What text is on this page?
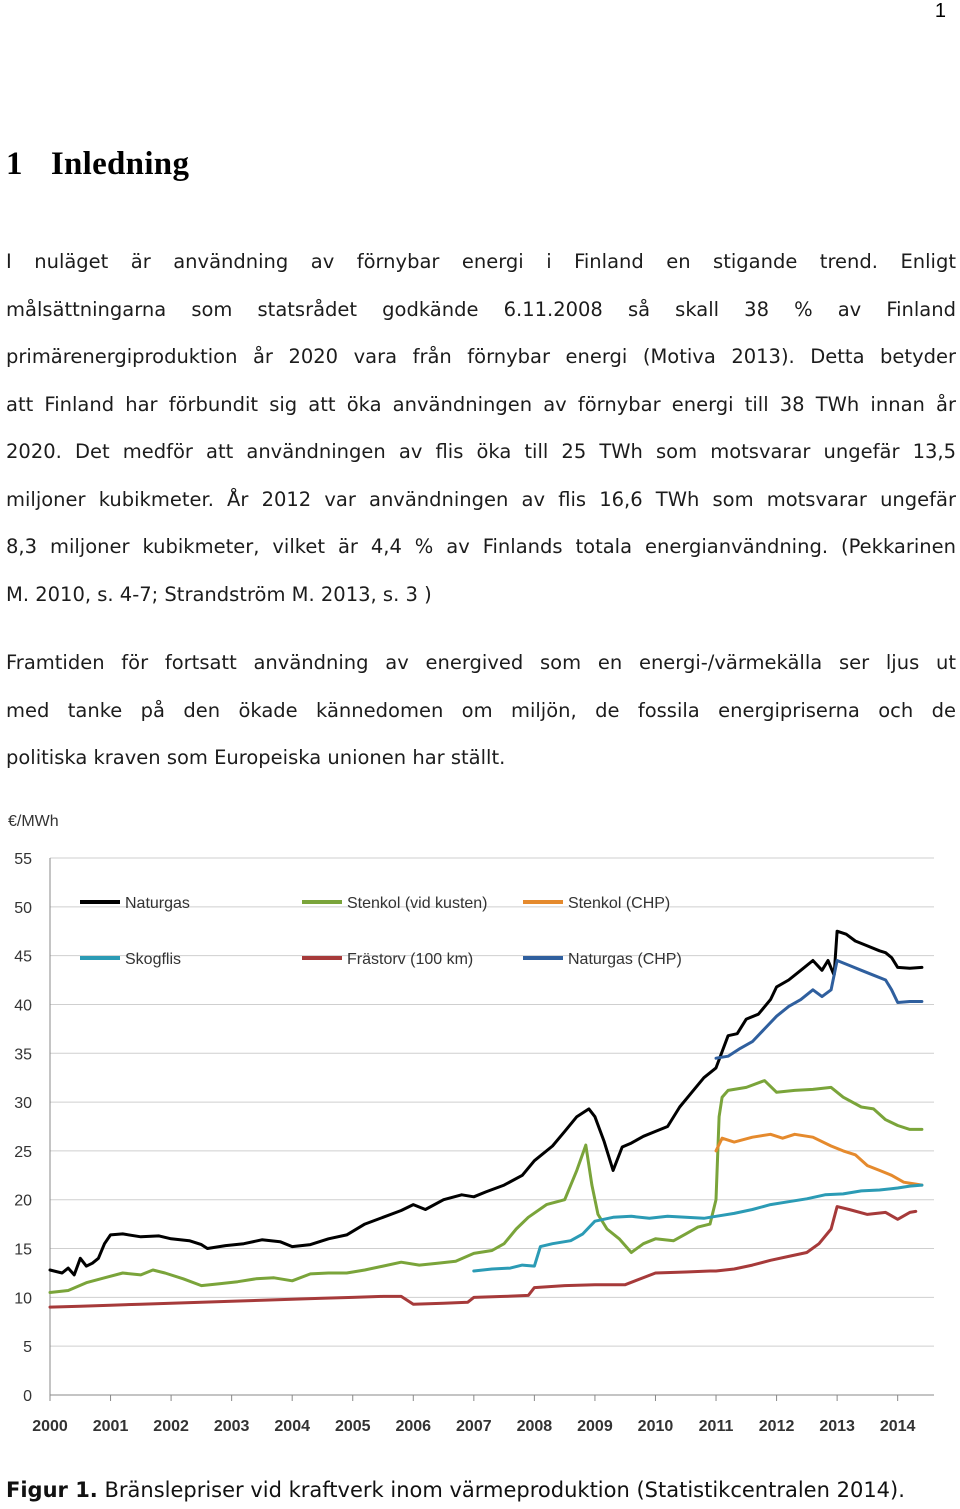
1
1 Inledning
I nuläget är användning av förnybar energi i Finland en stigande trend. Enligt
målsättningarna som statsrådet godkände 6.11.2008 så skall 38 % av Finland
primärenergiproduktion år 2020 vara från förnybar energi (Motiva 2013). Detta betyder
att Finland har förbundit sig att öka användningen av förnybar energi till 38 TWh innan år
2020. Det medför att användningen av flis öka till 25 TWh som motsvarar ungefär 13,5
miljoner kubikmeter. År 2012 var användningen av flis 16,6 TWh som motsvarar ungefär
8,3 miljoner kubikmeter, vilket är 4,4 % av Finlands totala energianvändning. (Pekkarinen
M. 2010, s. 4-7; Strandström M. 2013, s. 3 )
Framtiden för fortsatt användning av energived som en energi-/värmekälla ser ljus ut
med tanke på den ökade kännedomen om miljön, de fossila energipriserna och de
politiska kraven som Europeiska unionen har ställt.
€/MWh
0
5
10
15
20
25
30
35
40
45
50
55
2000 2001 2002 2003 2004 2005 2006 2007 2008 2009 2010 2011 2012 2013 2014
Naturgas	Stenkol (vid kusten)	Stenkol (CHP)
Skogflis	Frästorv (100 km)	Naturgas (CHP)

Figur 1. Bränslepriser vid kraftverk inom värmeproduktion (Statistikcentralen 2014).
